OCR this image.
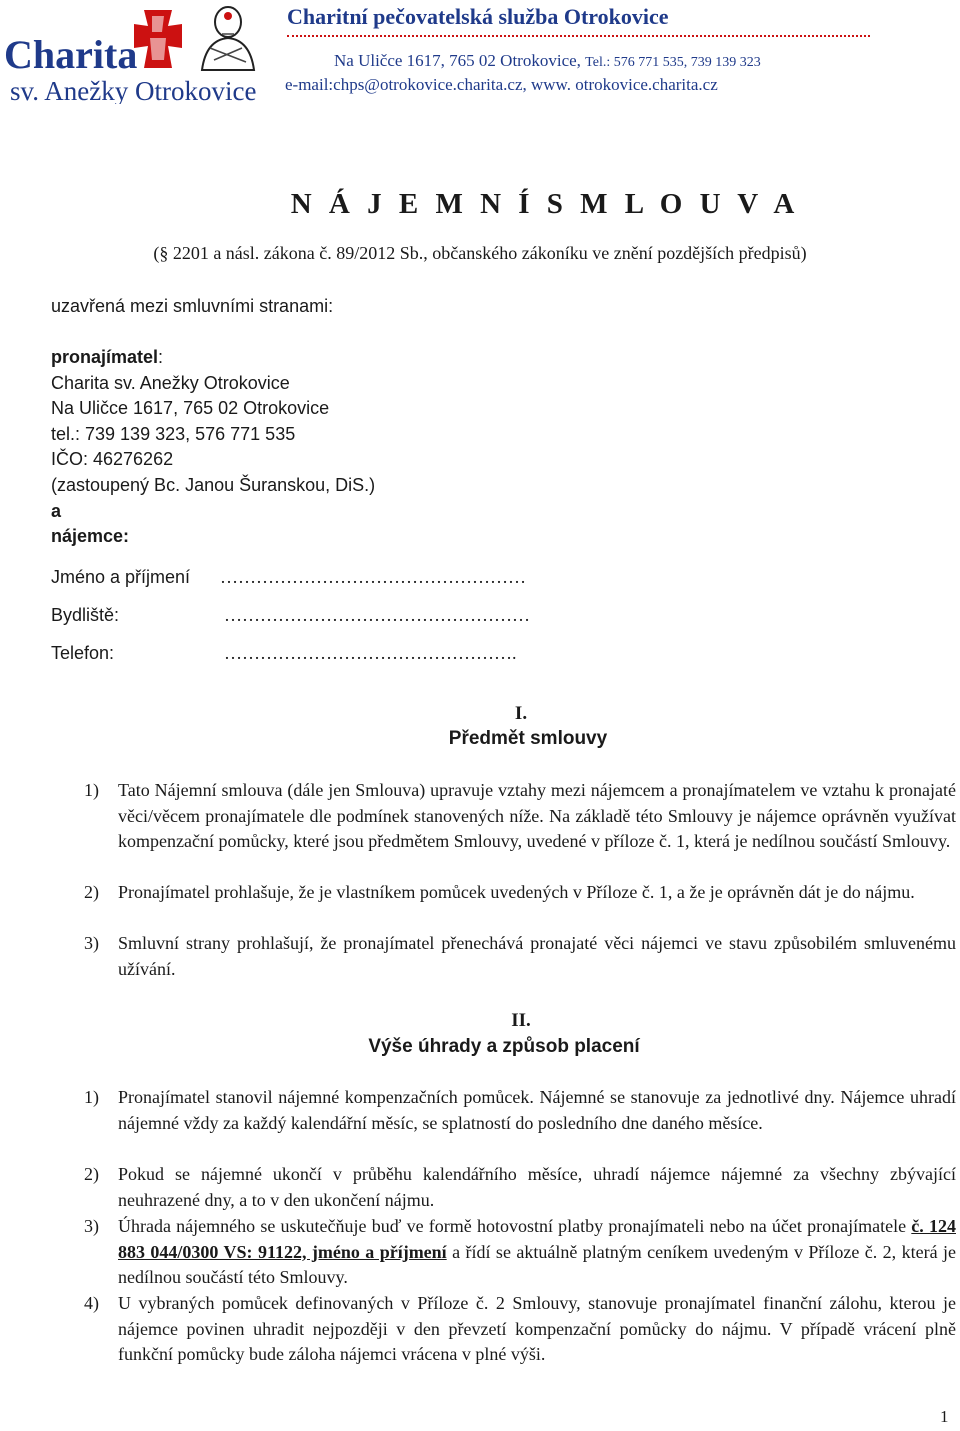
Charita
sv. Anežky Otrokovice
Charitní pečovatelská služba Otrokovice
Na Uličce 1617, 765 02 Otrokovice, Tel.: 576 771 535, 739 139 323
e-mail:chps@otrokovice.charita.cz, www. otrokovice.charita.cz
N Á J E M N Í S M L O U V A
(§ 2201 a násl. zákona č. 89/2012 Sb., občanského zákoníku ve znění pozdějších předpisů)
uzavřená mezi smluvními stranami:
pronajímatel:
Charita sv. Anežky Otrokovice
Na Uličce 1617, 765 02 Otrokovice
tel.: 739 139 323, 576 771 535
IČO: 46276262
(zastoupený Bc. Janou Šuranskou, DiS.)
a
nájemce:
Jméno a příjmení ……………………………………………
Bydliště:	……………………………………………
Telefon:	………………………………………….
I.
Předmět smlouvy
1) Tato Nájemní smlouva (dále jen Smlouva) upravuje vztahy mezi nájemcem a pronajímatelem ve vztahu k pronajaté věci/věcem pronajímatele dle podmínek stanovených níže. Na základě této Smlouvy je nájemce oprávněn využívat kompenzační pomůcky, které jsou předmětem Smlouvy, uvedené v příloze č. 1, která je nedílnou součástí Smlouvy.
2) Pronajímatel prohlašuje, že je vlastníkem pomůcek uvedených v Příloze č. 1, a že je oprávněn dát je do nájmu.
3) Smluvní strany prohlašují, že pronajímatel přenechává pronajaté věci nájemci ve stavu způsobilém smluvenému užívání.
II.
Výše úhrady a způsob placení
1) Pronajímatel stanovil nájemné kompenzačních pomůcek. Nájemné se stanovuje za jednotlivé dny. Nájemce uhradí nájemné vždy za každý kalendářní měsíc, se splatností do posledního dne daného měsíce.
2) Pokud se nájemné ukončí v průběhu kalendářního měsíce, uhradí nájemce nájemné za všechny zbývající neuhrazené dny, a to v den ukončení nájmu.
3) Úhrada nájemného se uskutečňuje buď ve formě hotovostní platby pronajímateli nebo na účet pronajímatele č. 124 883 044/0300 VS: 91122, jméno a příjmení a řídí se aktuálně platným ceníkem uvedeným v Příloze č. 2, která je nedílnou součástí této Smlouvy.
4) U vybraných pomůcek definovaných v Příloze č. 2 Smlouvy, stanovuje pronajímatel finanční zálohu, kterou je nájemce povinen uhradit nejpozději v den převzetí kompenzační pomůcky do nájmu. V případě vrácení plně funkční pomůcky bude záloha nájemci vrácena v plné výši.
1
